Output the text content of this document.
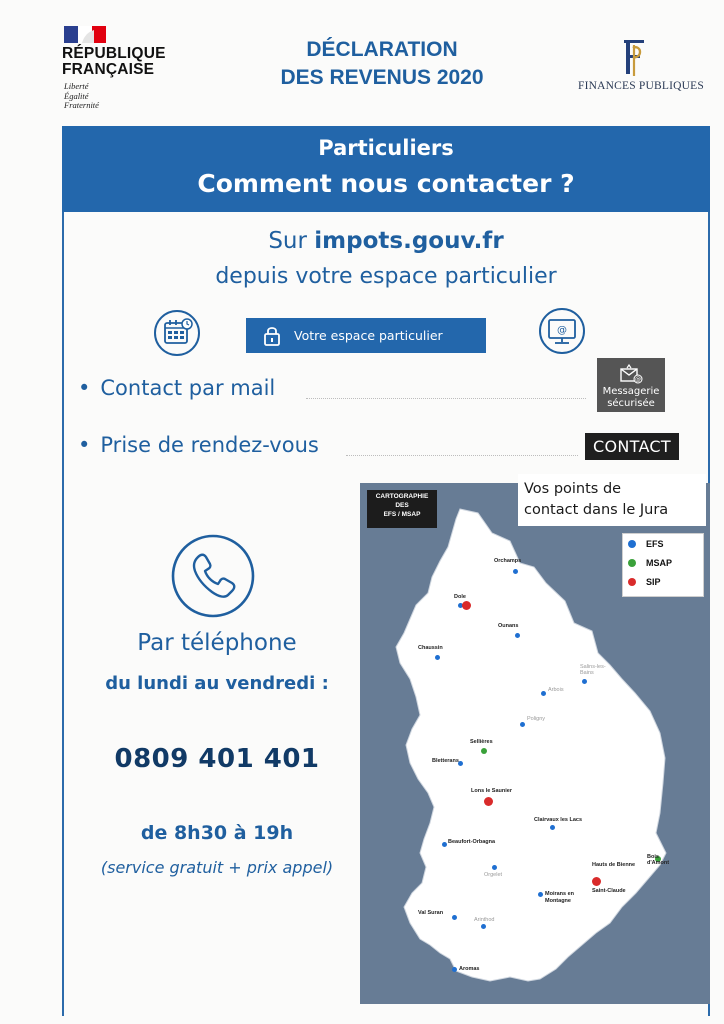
RÉPUBLIQUE
FRANÇAISE
Liberté
Égalité
Fraternité
DÉCLARATION
DES REVENUS 2020	FINANCES PUBLIQUES
Particuliers
Comment nous contacter ?
Sur impots.gouv.fr
depuis votre espace particulier
Votre espace particulier	@
• Contact par mail	@
Messagerie
sécurisée
• Prise de rendez-vous	CONTACT
Par téléphone
du lundi au vendredi :
0809 401 401
de 8h30 à 19h
(service gratuit + prix appel)
Orchamps
Dole
Ounans
Chaussin
Salins-les-Bains
Arbois
Poligny
Sellières
Bletterans
Lons le Saunier
Clairvaux les Lacs
Beaufort-Orbagna
Bois d'Amont
Orgelet
Hauts de Bienne
Saint-Claude
Moirans en
Montagne
Val Suran
Arinthod
Aromas
CARTOGRAPHIE
DES
EFS / MSAP
Vos points de
contact dans le Jura
EFS
MSAP
SIP
